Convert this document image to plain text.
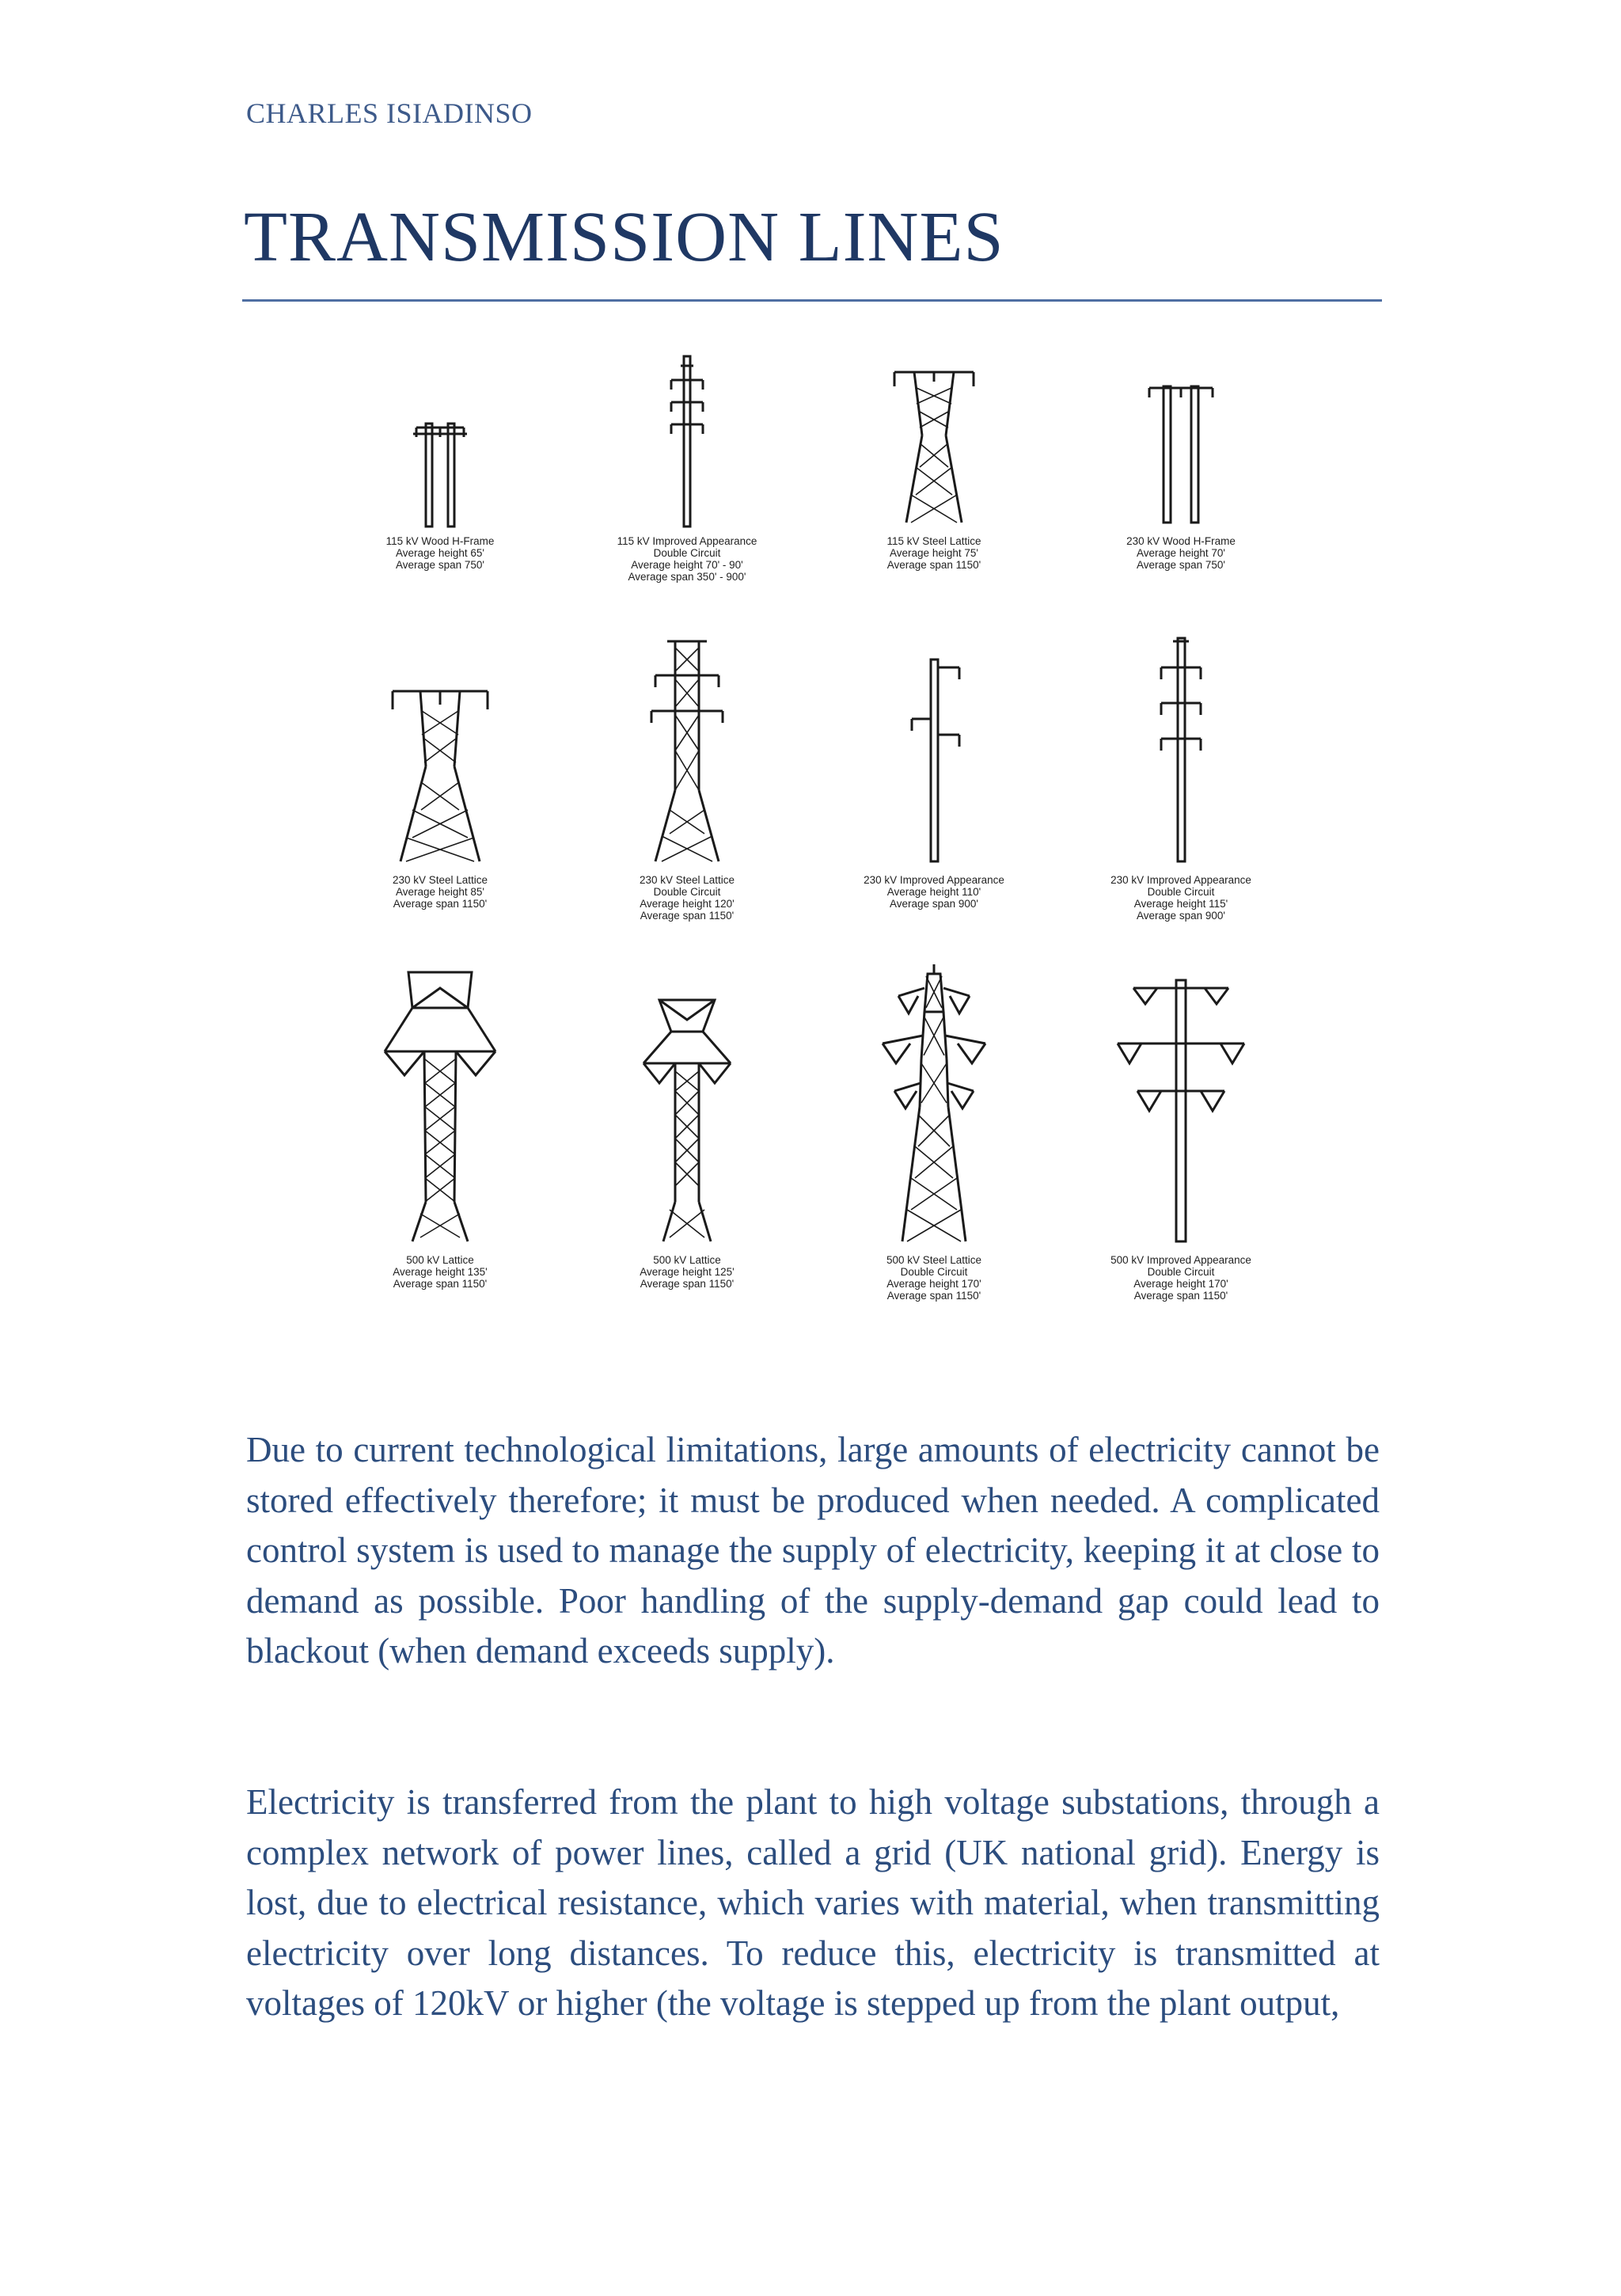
CHARLES ISIADINSO
TRANSMISSION LINES
115 kV Wood H-Frame
Average height 65'
Average span 750'
115 kV Improved Appearance
Double Circuit
Average height 70' - 90'
Average span 350' - 900'
115 kV Steel Lattice
Average height 75'
Average span 1150'
230 kV Wood H-Frame
Average height 70'
Average span 750'
230 kV Steel Lattice
Average height 85'
Average span 1150'
230 kV Steel Lattice
Double Circuit
Average height 120'
Average span 1150'
230 kV Improved Appearance
Average height 110'
Average span 900'
230 kV Improved Appearance
Double Circuit
Average height 115'
Average span 900'
500 kV Lattice
Average height 135'
Average span 1150'
500 kV Lattice
Average height 125'
Average span 1150'
500 kV Steel Lattice
Double Circuit
Average height 170'
Average span 1150'
500 kV Improved Appearance
Double Circuit
Average height 170'
Average span 1150'

Due to current technological limitations, large amounts of electricity cannot be stored effectively therefore; it must be produced when needed. A complicated control system is used to manage the supply of electricity, keeping it at close to demand as possible. Poor handling of the supply-demand gap could lead to blackout (when demand exceeds supply).

Electricity is transferred from the plant to high voltage substations, through a complex network of power lines, called a grid (UK national grid). Energy is lost, due to electrical resistance, which varies with material, when transmitting electricity over long distances. To reduce this, electricity is transmitted at voltages of 120kV or higher (the voltage is stepped up from the plant output,
